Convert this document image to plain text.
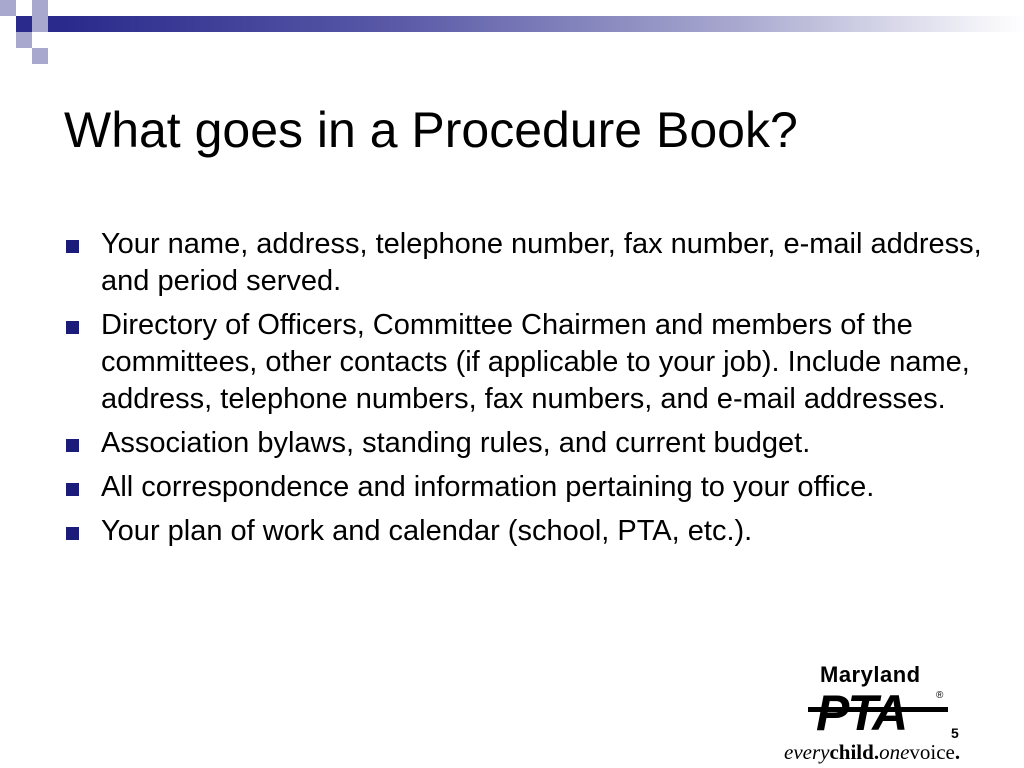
What goes in a Procedure Book?
Your name, address, telephone number, fax number, e-mail address, and period served.
Directory of Officers, Committee Chairmen and members of the committees, other contacts (if applicable to your job). Include name, address, telephone numbers, fax numbers, and e-mail addresses.
Association bylaws, standing rules, and current budget.
All correspondence and information pertaining to your office.
Your plan of work and calendar (school, PTA, etc.).
Maryland
PTA	®
everychild.onevoice.
5
